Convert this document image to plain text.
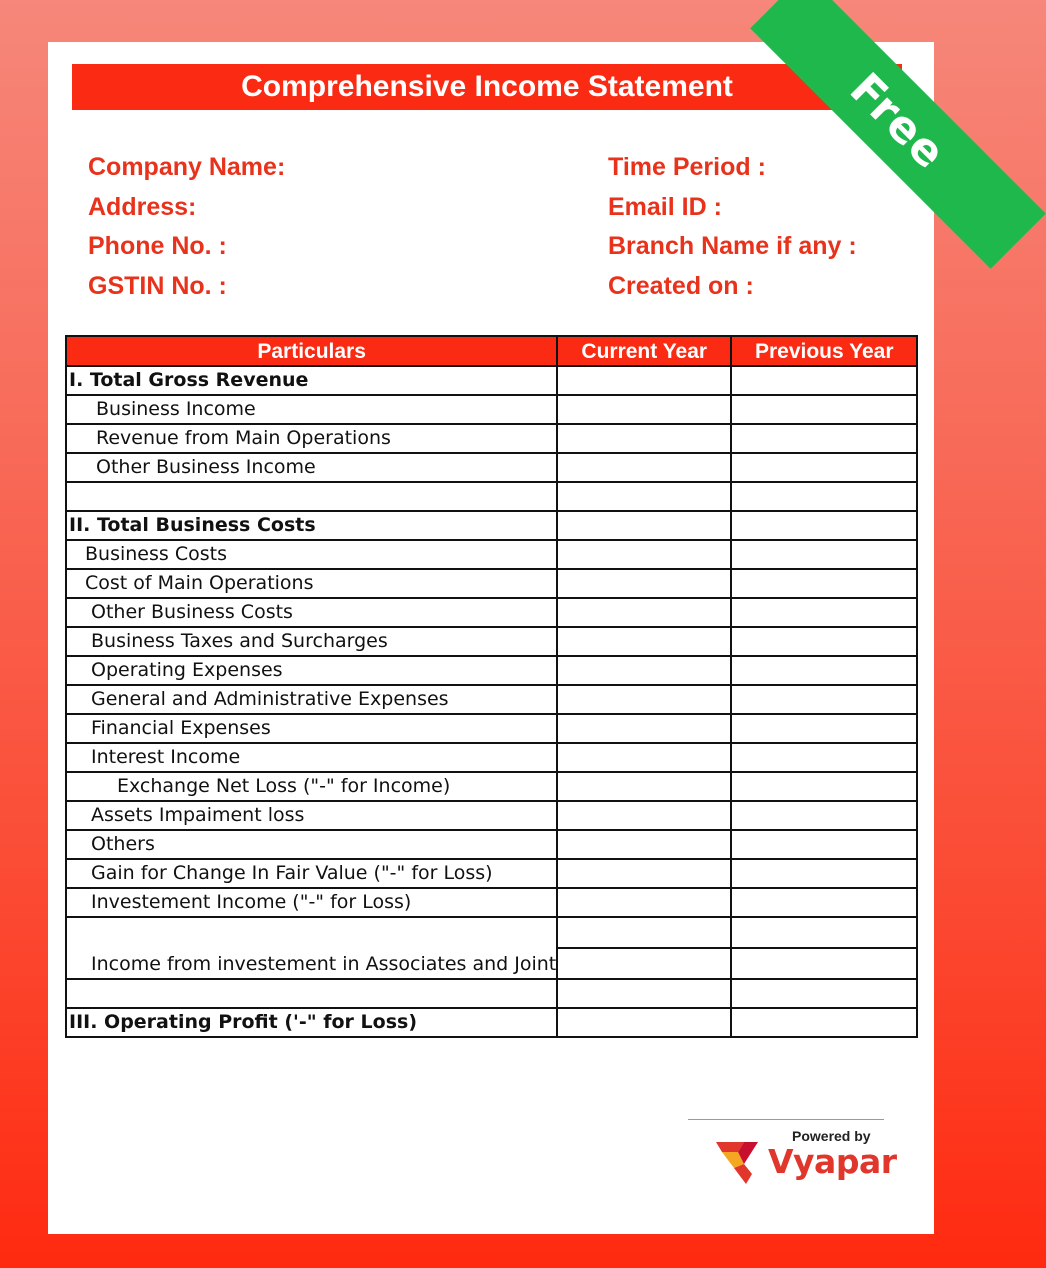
Comprehensive Income Statement
Company Name:
Address:
Phone No. :
GSTIN No. :
Time Period :
Email ID :
Branch Name if any :
Created on :
Particulars	Current Year	Previous Year
I. Total Gross Revenue		
Business Income		
Revenue from Main Operations		
Other Business Income		

II. Total Business Costs		
Business Costs		
Cost of Main Operations		
Other Business Costs		
Business Taxes and Surcharges		
Operating Expenses		
General and Administrative Expenses		
Financial Expenses		
Interest Income		
Exchange Net Loss ("-" for Income)		
Assets Impaiment loss		
Others		
Gain for Change In Fair Value ("-" for Loss)		
Investement Income ("-" for Loss)		
Income from investement in Associates and Joint	

III. Operating Profit ('-" for Loss)		
Powered by
Vyapar
Free
